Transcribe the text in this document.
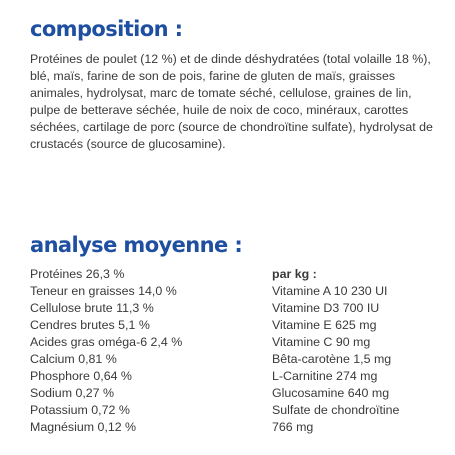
composition :

Protéines de poulet (12 %) et de dinde déshydratées (total volaille 18 %), blé, maïs, farine de son de pois, farine de gluten de maïs, graisses animales, hydrolysat, marc de tomate séché, cellulose, graines de lin, pulpe de betterave séchée, huile de noix de coco, minéraux, carottes séchées, cartilage de porc (source de chondroïtine sulfate), hydrolysat de crustacés (source de glucosamine).

analyse moyenne :
Protéines 26,3 %
Teneur en graisses 14,0 %
Cellulose brute 11,3 %
Cendres brutes 5,1 %
Acides gras oméga-6 2,4 %
Calcium 0,81 %
Phosphore 0,64 %
Sodium 0,27 %
Potassium 0,72 %
Magnésium 0,12 %
par kg :
Vitamine A 10 230 UI
Vitamine D3 700 IU
Vitamine E 625 mg
Vitamine C 90 mg
Bêta-carotène 1,5 mg
L-Carnitine 274 mg
Glucosamine 640 mg
Sulfate de chondroïtine
766 mg
